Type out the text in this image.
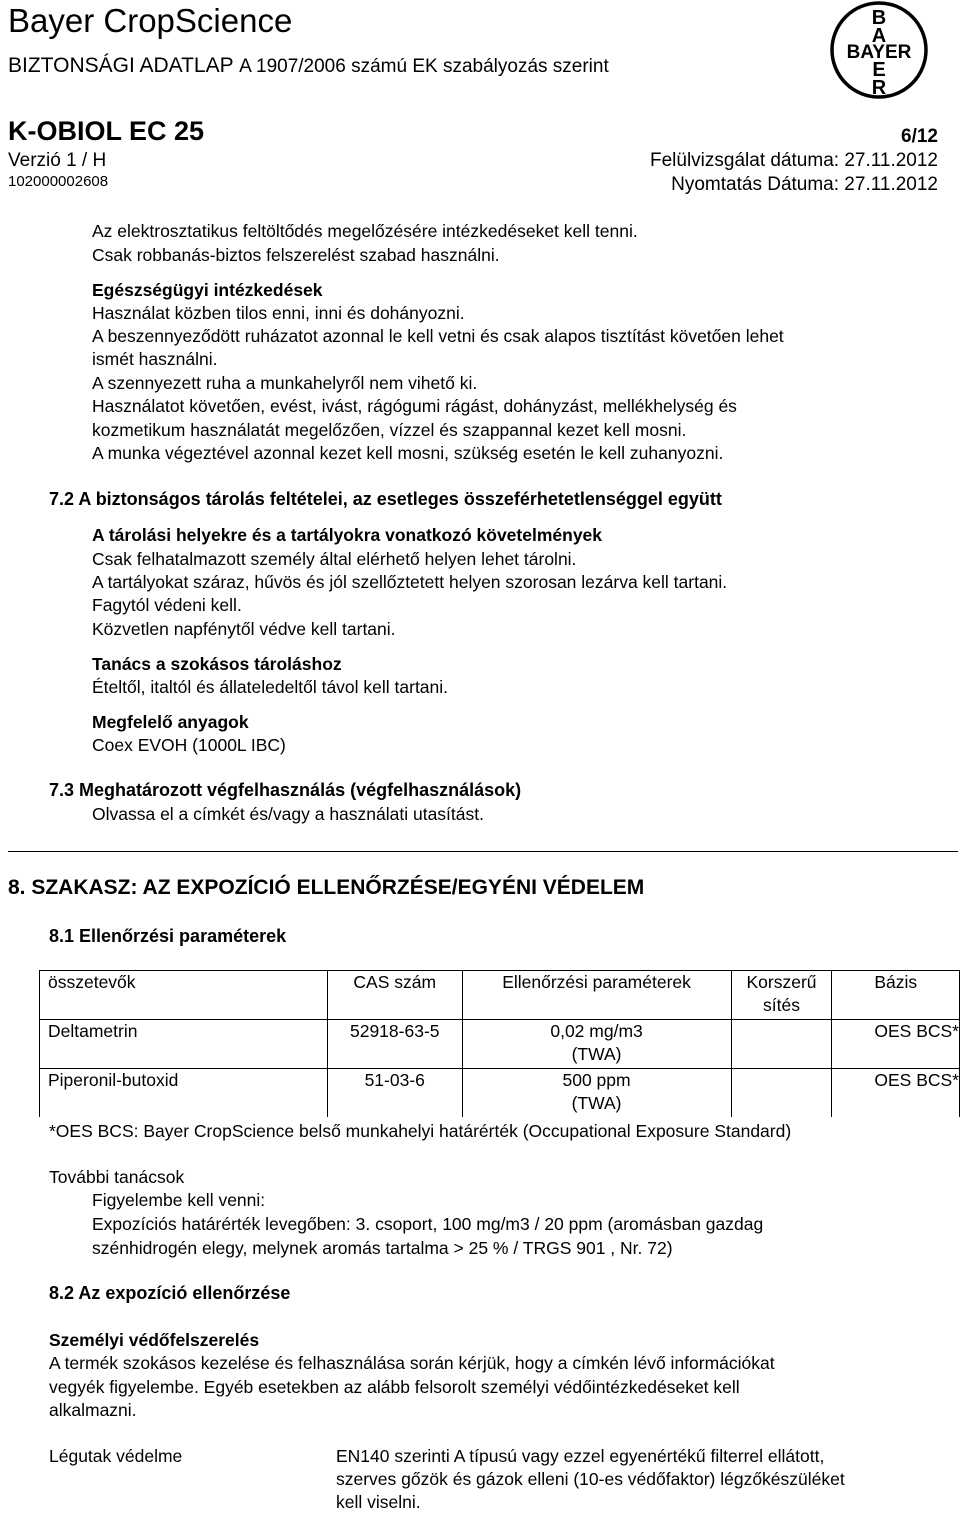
Bayer CropScience
BIZTONSÁGI ADATLAP A 1907/2006 számú EK szabályozás szerint
B
A
BAYER
E
R
K-OBIOL EC 25	6/12
Verzió 1 / H	Felülvizsgálat dátuma: 27.11.2012
102000002608	Nyomtatás Dátuma: 27.11.2012
Az elektrosztatikus feltöltődés megelőzésére intézkedéseket kell tenni.
Csak robbanás-biztos felszerelést szabad használni.
Egészségügyi intézkedések
Használat közben tilos enni, inni és dohányozni.
A beszennyeződött ruházatot azonnal le kell vetni és csak alapos tisztítást követően lehet
ismét használni.
A szennyezett ruha a munkahelyről nem vihető ki.
Használatot követően, evést, ivást, rágógumi rágást, dohányzást, mellékhelység és
kozmetikum használatát megelőzően, vízzel és szappannal kezet kell mosni.
A munka végeztével azonnal kezet kell mosni, szükség esetén le kell zuhanyozni.
7.2 A biztonságos tárolás feltételei, az esetleges összeférhetetlenséggel együtt
A tárolási helyekre és a tartályokra vonatkozó követelmények
Csak felhatalmazott személy által elérhető helyen lehet tárolni.
A tartályokat száraz, hűvös és jól szellőztetett helyen szorosan lezárva kell tartani.
Fagytól védeni kell.
Közvetlen napfénytől védve kell tartani.
Tanács a szokásos tároláshoz
Ételtől, italtól és állateledeltől távol kell tartani.
Megfelelő anyagok
Coex EVOH (1000L IBC)
7.3 Meghatározott végfelhasználás (végfelhasználások)
Olvassa el a címkét és/vagy a használati utasítást.
8. SZAKASZ: AZ EXPOZÍCIÓ ELLENŐRZÉSE/EGYÉNI VÉDELEM
8.1 Ellenőrzési paraméterek
összetevők	CAS szám	Ellenőrzési paraméterek	Korszerű
sítés	Bázis
Deltametrin	52918-63-5	0,02 mg/m3
(TWA)		OES BCS*
Piperonil-butoxid	51-03-6	500 ppm
(TWA)		OES BCS*
*OES BCS: Bayer CropScience belső munkahelyi határérték (Occupational Exposure Standard)
További tanácsok
Figyelembe kell venni:
Expozíciós határérték levegőben: 3. csoport, 100 mg/m3 / 20 ppm (aromásban gazdag
szénhidrogén elegy, melynek aromás tartalma > 25 % / TRGS 901 , Nr. 72)
8.2 Az expozíció ellenőrzése
Személyi védőfelszerelés
A termék szokásos kezelése és felhasználása során kérjük, hogy a címkén lévő információkat
vegyék figyelembe. Egyéb esetekben az alább felsorolt személyi védőintézkedéseket kell
alkalmazni.
Légutak védelme	EN140 szerinti A típusú vagy ezzel egyenértékű filterrel ellátott,
szerves gőzök és gázok elleni (10-es védőfaktor) légzőkészüléket
kell viselni.
